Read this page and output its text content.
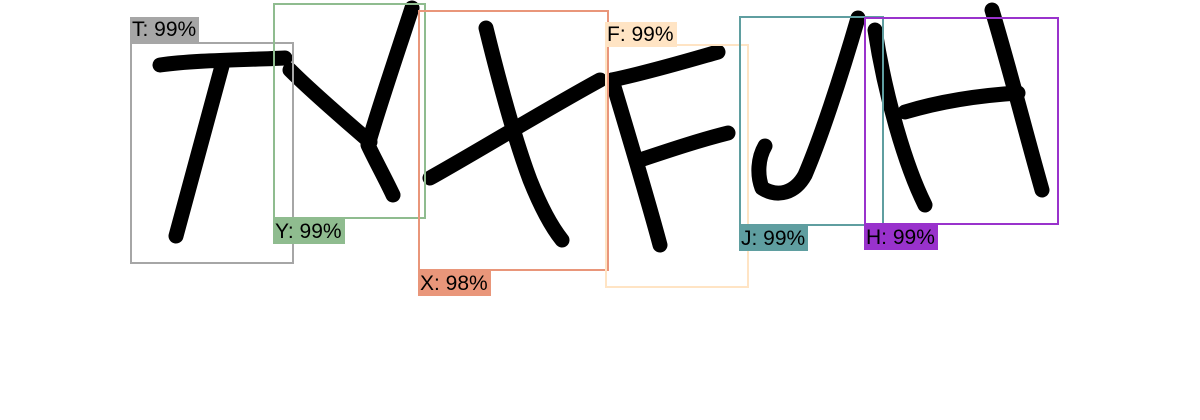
T: 99%
Y: 99%
X: 98%
F: 99%
J: 99%	H: 99%
